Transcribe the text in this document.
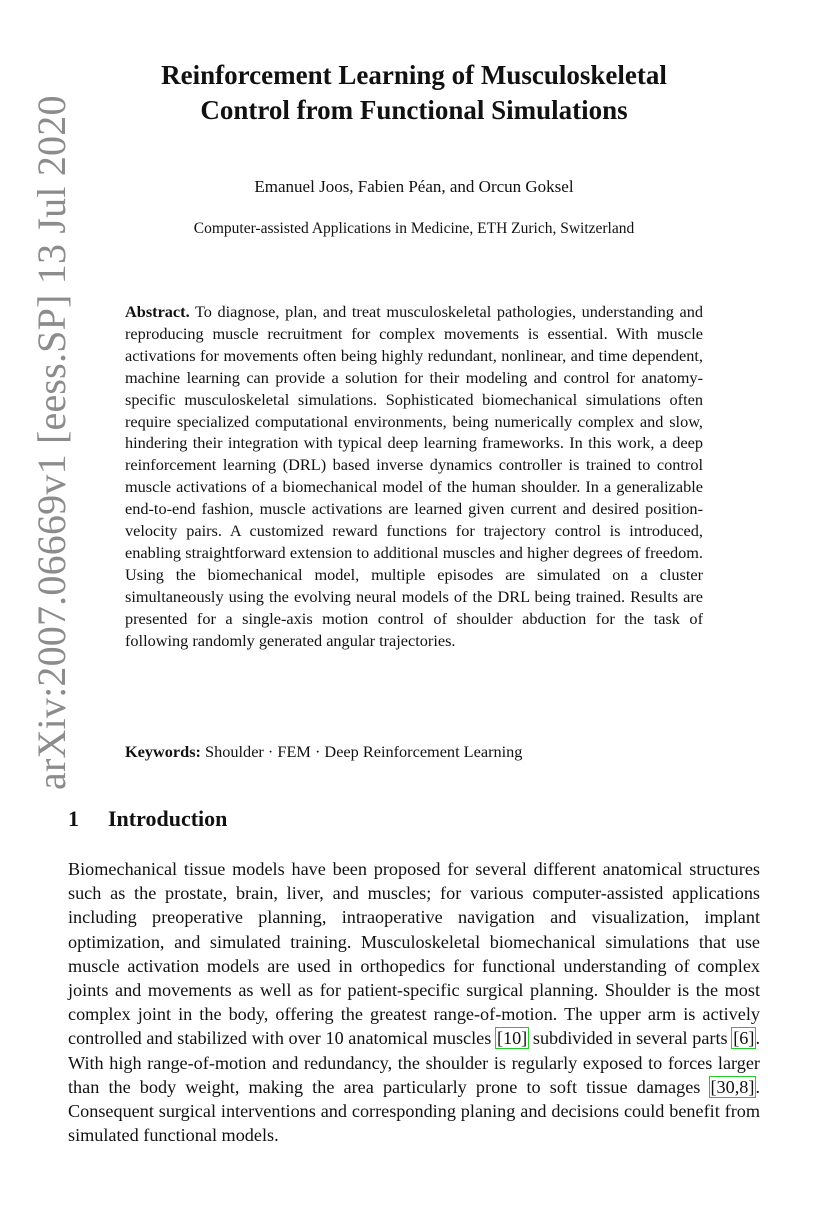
arXiv:2007.06669v1 [eess.SP] 13 Jul 2020
Reinforcement Learning of Musculoskeletal
Control from Functional Simulations
Emanuel Joos, Fabien Péan, and Orcun Goksel
Computer-assisted Applications in Medicine, ETH Zurich, Switzerland
Abstract. To diagnose, plan, and treat musculoskeletal pathologies, understanding and reproducing muscle recruitment for complex movements is essential. With muscle activations for movements often being highly redundant, nonlinear, and time dependent, machine learning can provide a solution for their modeling and control for anatomy-specific musculoskeletal simulations. Sophisticated biomechanical simulations often require specialized computational environments, being numerically complex and slow, hindering their integration with typical deep learning frameworks. In this work, a deep reinforcement learning (DRL) based inverse dynamics controller is trained to control muscle activations of a biomechanical model of the human shoulder. In a generalizable end-to-end fashion, muscle activations are learned given current and desired position-velocity pairs. A customized reward functions for trajectory control is introduced, enabling straightforward extension to additional muscles and higher degrees of freedom. Using the biomechanical model, multiple episodes are simulated on a cluster simultaneously using the evolving neural models of the DRL being trained. Results are presented for a single-axis motion control of shoulder abduction for the task of following randomly generated angular trajectories.
Keywords: Shoulder · FEM · Deep Reinforcement Learning
1 Introduction
Biomechanical tissue models have been proposed for several different anatomical structures such as the prostate, brain, liver, and muscles; for various computer-assisted applications including preoperative planning, intraoperative navigation and visualization, implant optimization, and simulated training. Musculoskeletal biomechanical simulations that use muscle activation models are used in orthopedics for functional understanding of complex joints and movements as well as for patient-specific surgical planning. Shoulder is the most complex joint in the body, offering the greatest range-of-motion. The upper arm is actively controlled and stabilized with over 10 anatomical muscles [10] subdivided in several parts [6]. With high range-of-motion and redundancy, the shoulder is regularly exposed to forces larger than the body weight, making the area particularly prone to soft tissue damages [30,8]. Consequent surgical interventions and corresponding planing and decisions could benefit from simulated functional models.
